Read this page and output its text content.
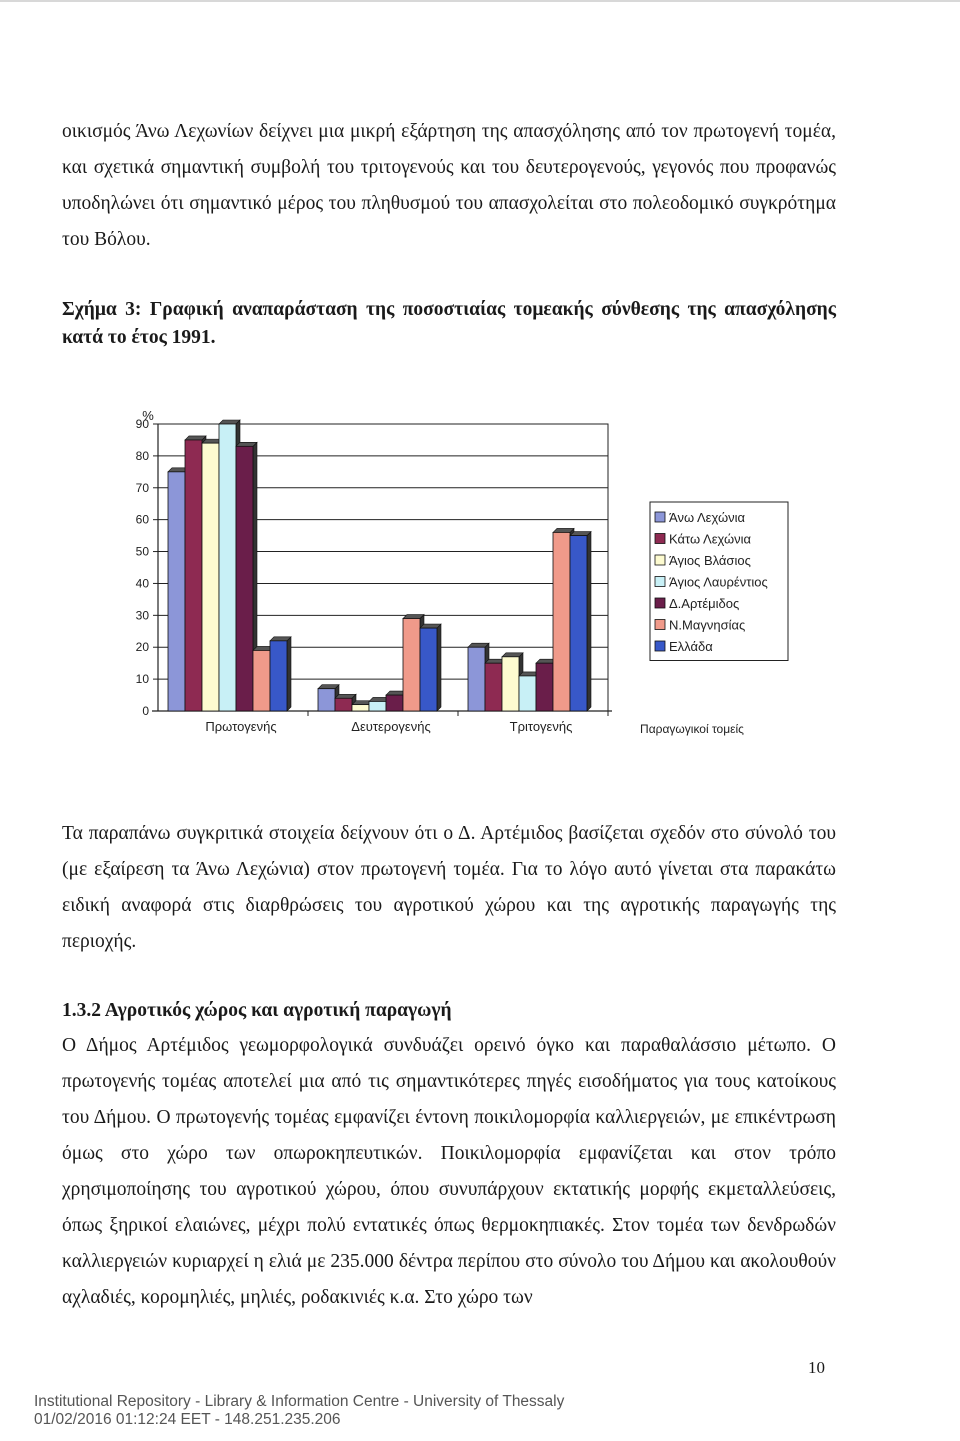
οικισμός Άνω Λεχωνίων δείχνει μια μικρή εξάρτηση της απασχόλησης από τον πρωτογενή τομέα, και σχετικά σημαντική συμβολή του τριτογενούς και του δευτερογενούς, γεγονός που προφανώς υποδηλώνει ότι σημαντικό μέρος του πληθυσμού του απασχολείται στο πολεοδομικό συγκρότημα του Βόλου.

Σχήμα 3: Γραφική αναπαράσταση της ποσοστιαίας τομεακής σύνθεσης της απασχόλησης κατά το έτος 1991.
0
10
20
30
40
50
60
70
80
90
%
Πρωτογενής	Δευτερογενής	Τριτογενής	Παραγωγικοί τομείς
Άνω Λεχώνια
Κάτω Λεχώνια
Άγιος Βλάσιος
Άγιος Λαυρέντιος
Δ.Αρτέμιδος
Ν.Μαγνησίας
Ελλάδα

Τα παραπάνω συγκριτικά στοιχεία δείχνουν ότι ο Δ. Αρτέμιδος βασίζεται σχεδόν στο σύνολό του (με εξαίρεση τα Άνω Λεχώνια) στον πρωτογενή τομέα. Για το λόγο αυτό γίνεται στα παρακάτω ειδική αναφορά στις διαρθρώσεις του αγροτικού χώρου και της αγροτικής παραγωγής της περιοχής.

1.3.2 Αγροτικός χώρος και αγροτική παραγωγή

Ο Δήμος Αρτέμιδος γεωμορφολογικά συνδυάζει ορεινό όγκο και παραθαλάσσιο μέτωπο. Ο πρωτογενής τομέας αποτελεί μια από τις σημαντικότερες πηγές εισοδήματος για τους κατοίκους του Δήμου. Ο πρωτογενής τομέας εμφανίζει έντονη ποικιλομορφία καλλιεργειών, με επικέντρωση όμως στο χώρο των οπωροκηπευτικών. Ποικιλομορφία εμφανίζεται και στον τρόπο χρησιμοποίησης του αγροτικού χώρου, όπου συνυπάρχουν εκτατικής μορφής εκμεταλλεύσεις, όπως ξηρικοί ελαιώνες, μέχρι πολύ εντατικές όπως θερμοκηπιακές. Στον τομέα των δενδρωδών καλλιεργειών κυριαρχεί η ελιά με 235.000 δέντρα περίπου στο σύνολο του Δήμου και ακολουθούν αχλαδιές, κορομηλιές, μηλιές, ροδακινιές κ.α. Στο χώρο των

10
Institutional Repository - Library & Information Centre - University of Thessaly
01/02/2016 01:12:24 EET - 148.251.235.206
